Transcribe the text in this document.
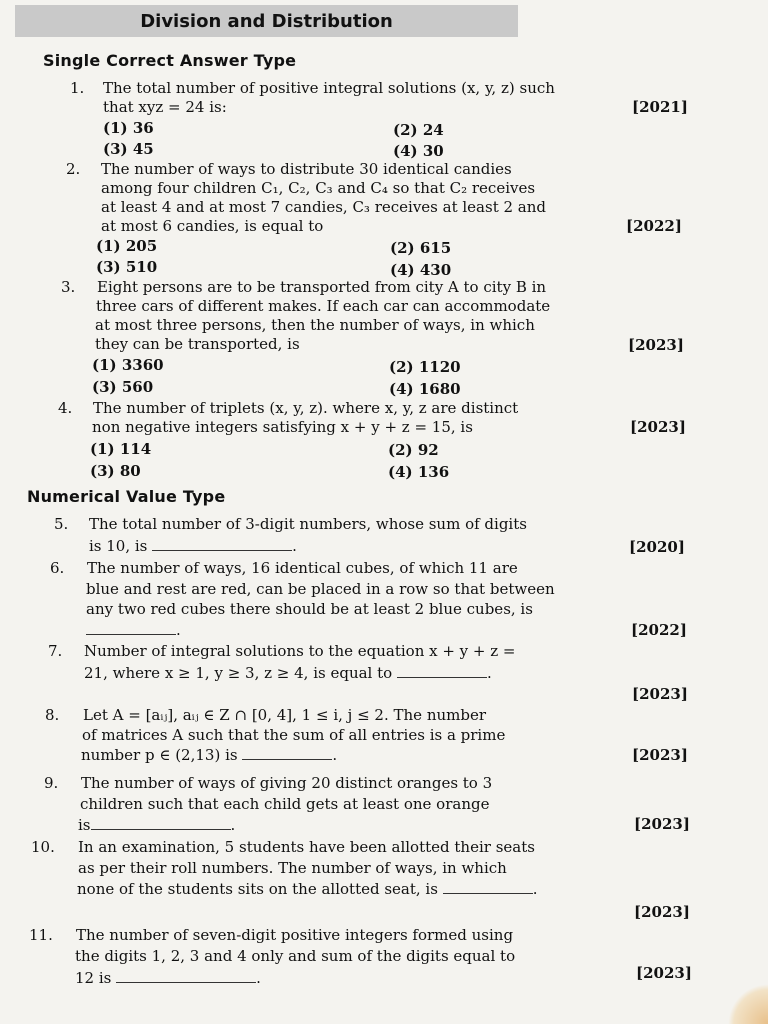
Division and Distribution
Single Correct Answer Type
1. The total number of positive integral solutions (x, y, z) such
that xyz = 24 is:	[2021]
(1) 36	(2) 24
(3) 45	(4) 30
2. The number of ways to distribute 30 identical candies
among four children C₁, C₂, C₃ and C₄ so that C₂ receives
at least 4 and at most 7 candies, C₃ receives at least 2 and
at most 6 candies, is equal to	[2022]
(1) 205	(2) 615
(3) 510	(4) 430
3. Eight persons are to be transported from city A to city B in
three cars of different makes. If each car can accommodate
at most three persons, then the number of ways, in which
they can be transported, is	[2023]
(1) 3360	(2) 1120
(3) 560	(4) 1680
4. The number of triplets (x, y, z). where x, y, z are distinct
non negative integers satisfying x + y + z = 15, is	[2023]
(1) 114	(2) 92
(3) 80	(4) 136
Numerical Value Type
5. The total number of 3-digit numbers, whose sum of digits
is 10, is	.	[2020]
6. The number of ways, 16 identical cubes, of which 11 are
blue and rest are red, can be placed in a row so that between
any two red cubes there should be at least 2 blue cubes, is
.	[2022]
7. Number of integral solutions to the equation x + y + z =
21, where x ≥ 1, y ≥ 3, z ≥ 4, is equal to	.
[2023]
8. Let A = [aᵢⱼ], aᵢⱼ ∈ Z ∩ [0, 4], 1 ≤ i, j ≤ 2. The number
of matrices A such that the sum of all entries is a prime
number p ∈ (2,13) is	.	[2023]
9. The number of ways of giving 20 distinct oranges to 3
children such that each child gets at least one orange
is	.	[2023]
10. In an examination, 5 students have been allotted their seats
as per their roll numbers. The number of ways, in which
none of the students sits on the allotted seat, is	.
[2023]
11. The number of seven-digit positive integers formed using
the digits 1, 2, 3 and 4 only and sum of the digits equal to
12 is	.	[2023]
